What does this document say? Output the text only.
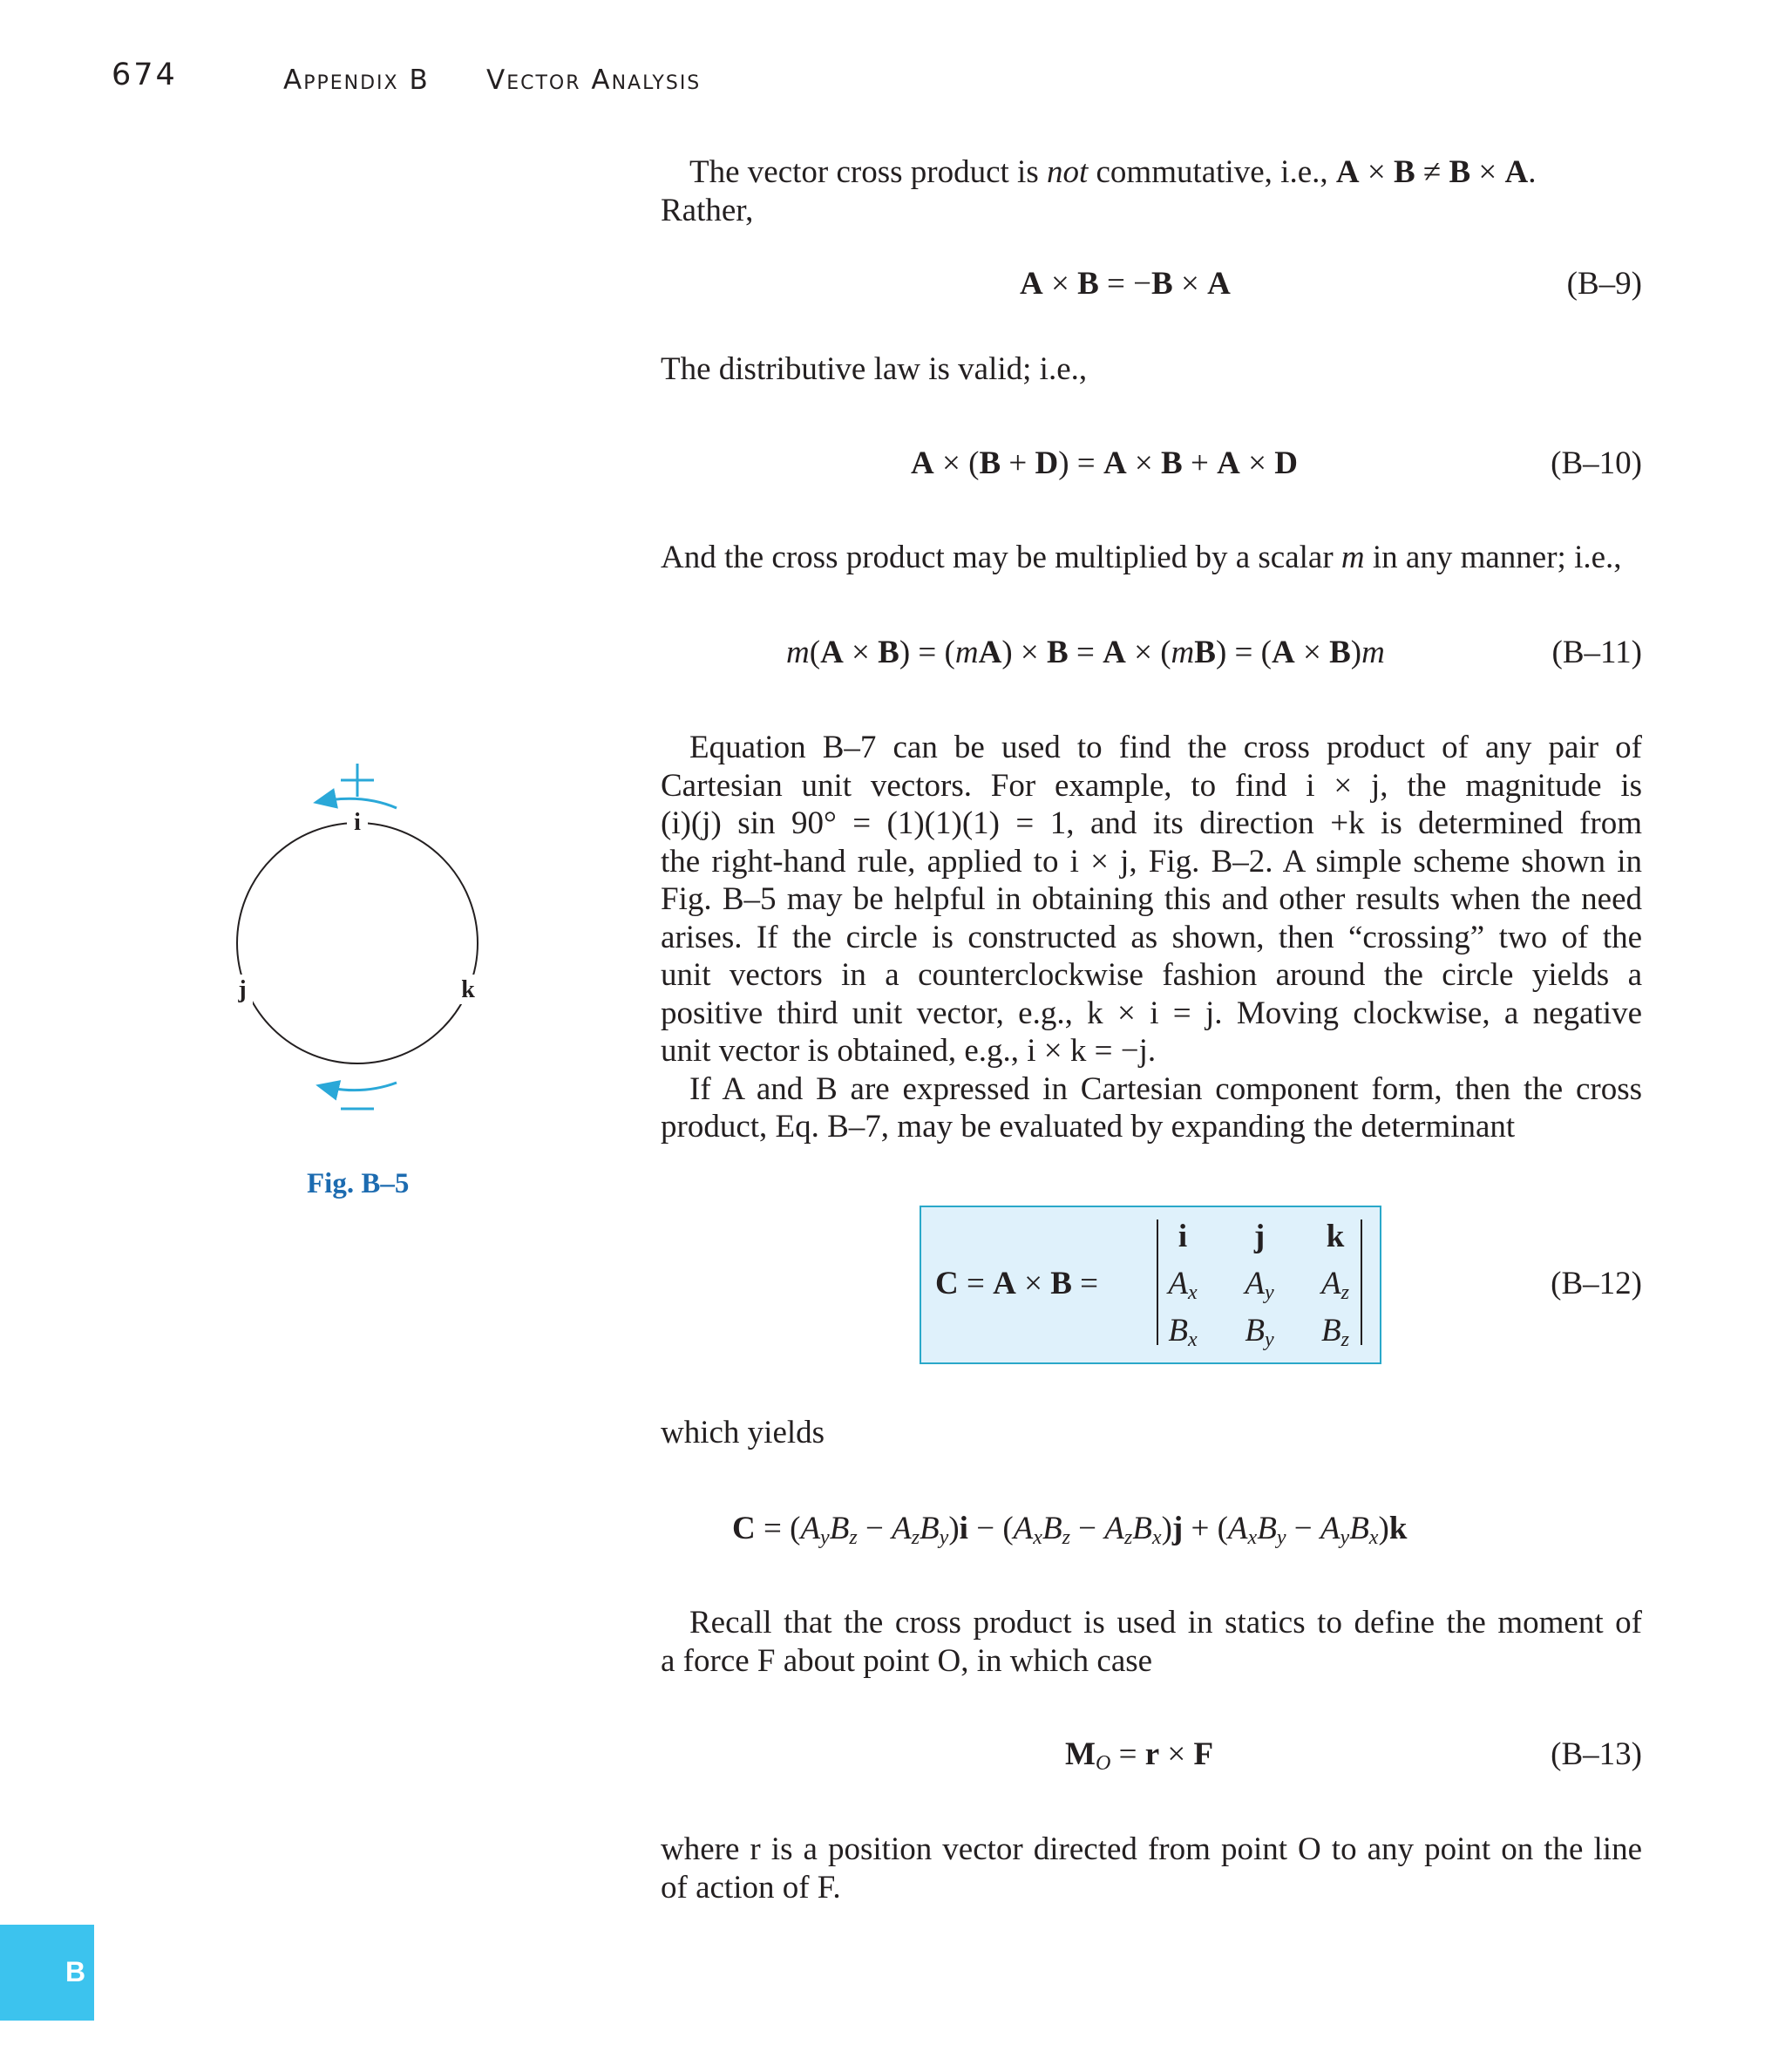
674	Appendix B Vector Analysis
The vector cross product is not commutative, i.e., A × B ≠ B × A.
Rather,
A × B = −B × A	(B–9)
The distributive law is valid; i.e.,
A × (B + D) = A × B + A × D	(B–10)
And the cross product may be multiplied by a scalar m in any manner; i.e.,
m(A × B) = (mA) × B = A × (mB) = (A × B)m	(B–11)
Equation B–7 can be used to find the cross product of any pair of
Cartesian unit vectors. For example, to find i × j, the magnitude is
(i)(j) sin 90° = (1)(1)(1) = 1, and its direction +k is determined from
the right-hand rule, applied to i × j, Fig. B–2. A simple scheme shown in
Fig. B–5 may be helpful in obtaining this and other results when the need
arises. If the circle is constructed as shown, then “crossing” two of the
unit vectors in a counterclockwise fashion around the circle yields a
positive third unit vector, e.g., k × i = j. Moving clockwise, a negative
unit vector is obtained, e.g., i × k = −j.
If A and B are expressed in Cartesian component form, then the cross
product, Eq. B–7, may be evaluated by expanding the determinant
i
j	k
Fig. B–5
C = A × B =
i	j	k
$A_x$	$A_y$	$A_z$
$B_x$	$B_y$	$B_z$
(B–12)
which yields
$C = (A_yB_z - A_zB_y)i - (A_xB_z - A_zB_x)j + (A_xB_y - A_yB_x)k$
Recall that the cross product is used in statics to define the moment of
a force F about point O, in which case
$M_O = r \times F$	(B–13)
where r is a position vector directed from point O to any point on the line
of action of F.
B
